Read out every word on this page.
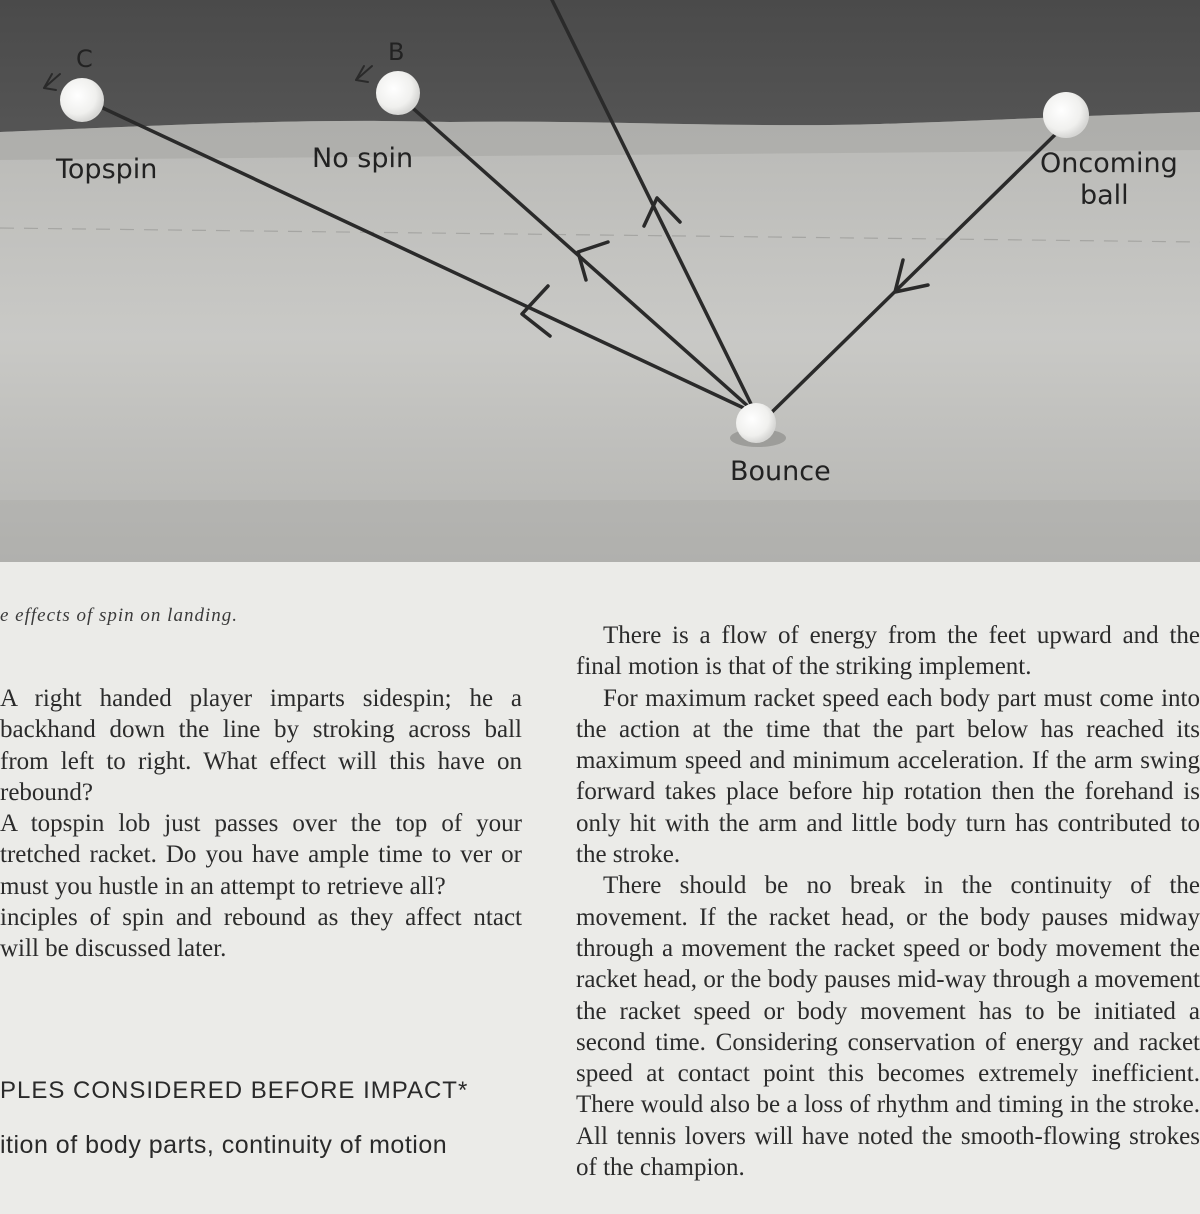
C	B
Topspin	No spin	Oncoming
ball
Bounce
e effects of spin on landing.

A right handed player imparts sidespin; he a backhand down the line by stroking across ball from left to right. What effect will this have on rebound?

A topspin lob just passes over the top of your tretched racket. Do you have ample time to ver or must you hustle in an attempt to retrieve all?

inciples of spin and rebound as they affect ntact will be discussed later.

PLES CONSIDERED BEFORE IMPACT*
ition of body parts, continuity of motion

There is a flow of energy from the feet upward and the final motion is that of the striking implement.

For maximum racket speed each body part must come into the action at the time that the part below has reached its maximum speed and minimum acceleration. If the arm swing forward takes place before hip rotation then the forehand is only hit with the arm and little body turn has contributed to the stroke.

There should be no break in the continuity of the movement. If the racket head, or the body pauses midway through a movement the racket speed or body movement the racket head, or the body pauses mid-way through a movement the racket speed or body movement has to be initiated a second time. Considering conservation of energy and racket speed at contact point this becomes extremely inefficient. There would also be a loss of rhythm and timing in the stroke. All tennis lovers will have noted the smooth-flowing strokes of the champion.
